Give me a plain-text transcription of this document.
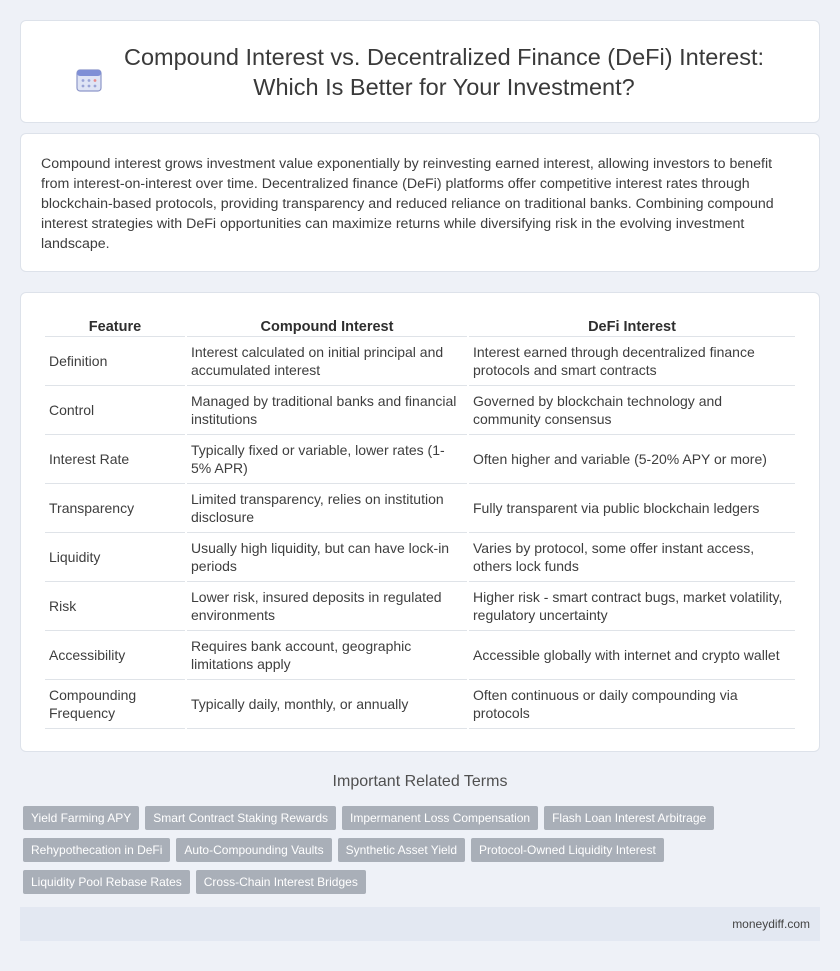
Compound Interest vs. Decentralized Finance (DeFi) Interest:
Which Is Better for Your Investment?

Compound interest grows investment value exponentially by reinvesting earned interest, allowing investors to benefit from interest-on-interest over time. Decentralized finance (DeFi) platforms offer competitive interest rates through blockchain-based protocols, providing transparency and reduced reliance on traditional banks. Combining compound interest strategies with DeFi opportunities can maximize returns while diversifying risk in the evolving investment landscape.

Feature	Compound Interest	DeFi Interest
Definition	Interest calculated on initial principal and accumulated interest	Interest earned through decentralized finance protocols and smart contracts
Control	Managed by traditional banks and financial institutions	Governed by blockchain technology and community consensus
Interest Rate	Typically fixed or variable, lower rates (1-5% APR)	Often higher and variable (5-20% APY or more)
Transparency	Limited transparency, relies on institution disclosure	Fully transparent via public blockchain ledgers
Liquidity	Usually high liquidity, but can have lock-in periods	Varies by protocol, some offer instant access, others lock funds
Risk	Lower risk, insured deposits in regulated environments	Higher risk - smart contract bugs, market volatility, regulatory uncertainty
Accessibility	Requires bank account, geographic limitations apply	Accessible globally with internet and crypto wallet
Compounding Frequency	Typically daily, monthly, or annually	Often continuous or daily compounding via protocols
Important Related Terms
Yield Farming APY	Smart Contract Staking Rewards	Impermanent Loss Compensation	Flash Loan Interest Arbitrage
Rehypothecation in DeFi	Auto-Compounding Vaults	Synthetic Asset Yield	Protocol-Owned Liquidity Interest
Liquidity Pool Rebase Rates	Cross-Chain Interest Bridges
moneydiff.com
